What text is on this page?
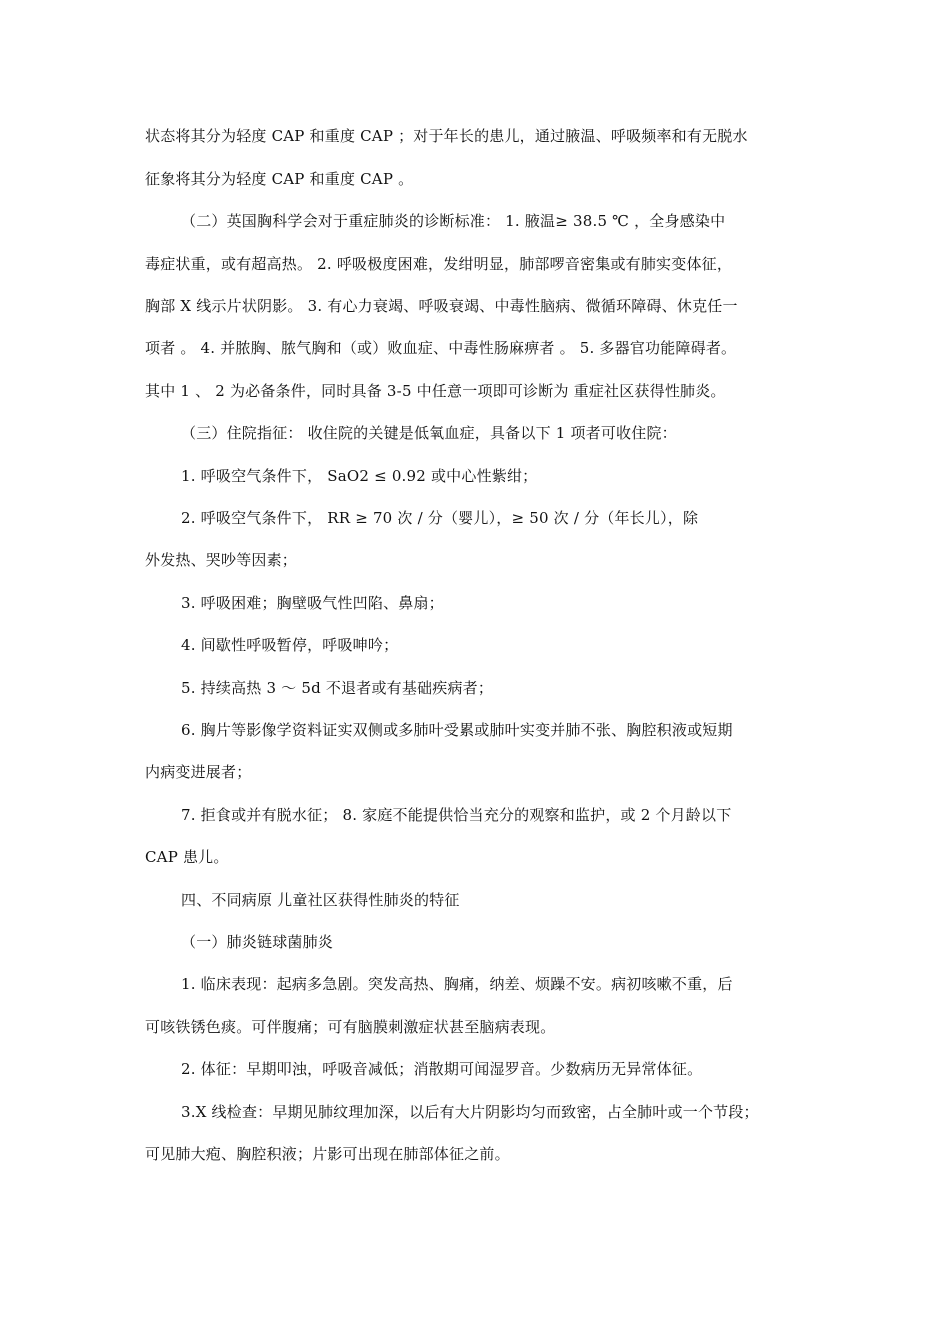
状态将其分为轻度 CAP 和重度 CAP ；对于年长的患儿，通过腋温、呼吸频率和有无脱水
征象将其分为轻度 CAP 和重度 CAP 。
（二）英国胸科学会对于重症肺炎的诊断标准： 1. 腋温≥ 38.5 ℃ ，全身感染中
毒症状重，或有超高热。 2. 呼吸极度困难，发绀明显，肺部啰音密集或有肺实变体征，
胸部 X 线示片状阴影。 3. 有心力衰竭、呼吸衰竭、中毒性脑病、微循环障碍、休克任一
项者 。 4. 并脓胸、脓气胸和（或）败血症、中毒性肠麻痹者 。 5. 多器官功能障碍者。
其中 1 、 2 为必备条件，同时具备 3-5 中任意一项即可诊断为 重症社区获得性肺炎。
（三）住院指征： 收住院的关键是低氧血症，具备以下 1 项者可收住院：
1. 呼吸空气条件下， SaO2 ≤ 0.92 或中心性紫绀；
2. 呼吸空气条件下， RR ≥ 70 次 / 分（婴儿），≥ 50 次 / 分（年长儿），除
外发热、哭吵等因素；
3. 呼吸困难；胸壁吸气性凹陷、鼻扇；
4. 间歇性呼吸暂停，呼吸呻吟；
5. 持续高热 3 ～ 5d 不退者或有基础疾病者；
6. 胸片等影像学资料证实双侧或多肺叶受累或肺叶实变并肺不张、胸腔积液或短期
内病变进展者；
7. 拒食或并有脱水征； 8. 家庭不能提供恰当充分的观察和监护，或 2 个月龄以下
CAP 患儿。
四、不同病原 儿童社区获得性肺炎的特征
（一）肺炎链球菌肺炎
1. 临床表现：起病多急剧。突发高热、胸痛，纳差、烦躁不安。病初咳嗽不重，后
可咳铁锈色痰。可伴腹痛；可有脑膜刺激症状甚至脑病表现。
2. 体征：早期叩浊，呼吸音减低；消散期可闻湿罗音。少数病历无异常体征。
3.X 线检查：早期见肺纹理加深，以后有大片阴影均匀而致密，占全肺叶或一个节段；
可见肺大疱、胸腔积液；片影可出现在肺部体征之前。
